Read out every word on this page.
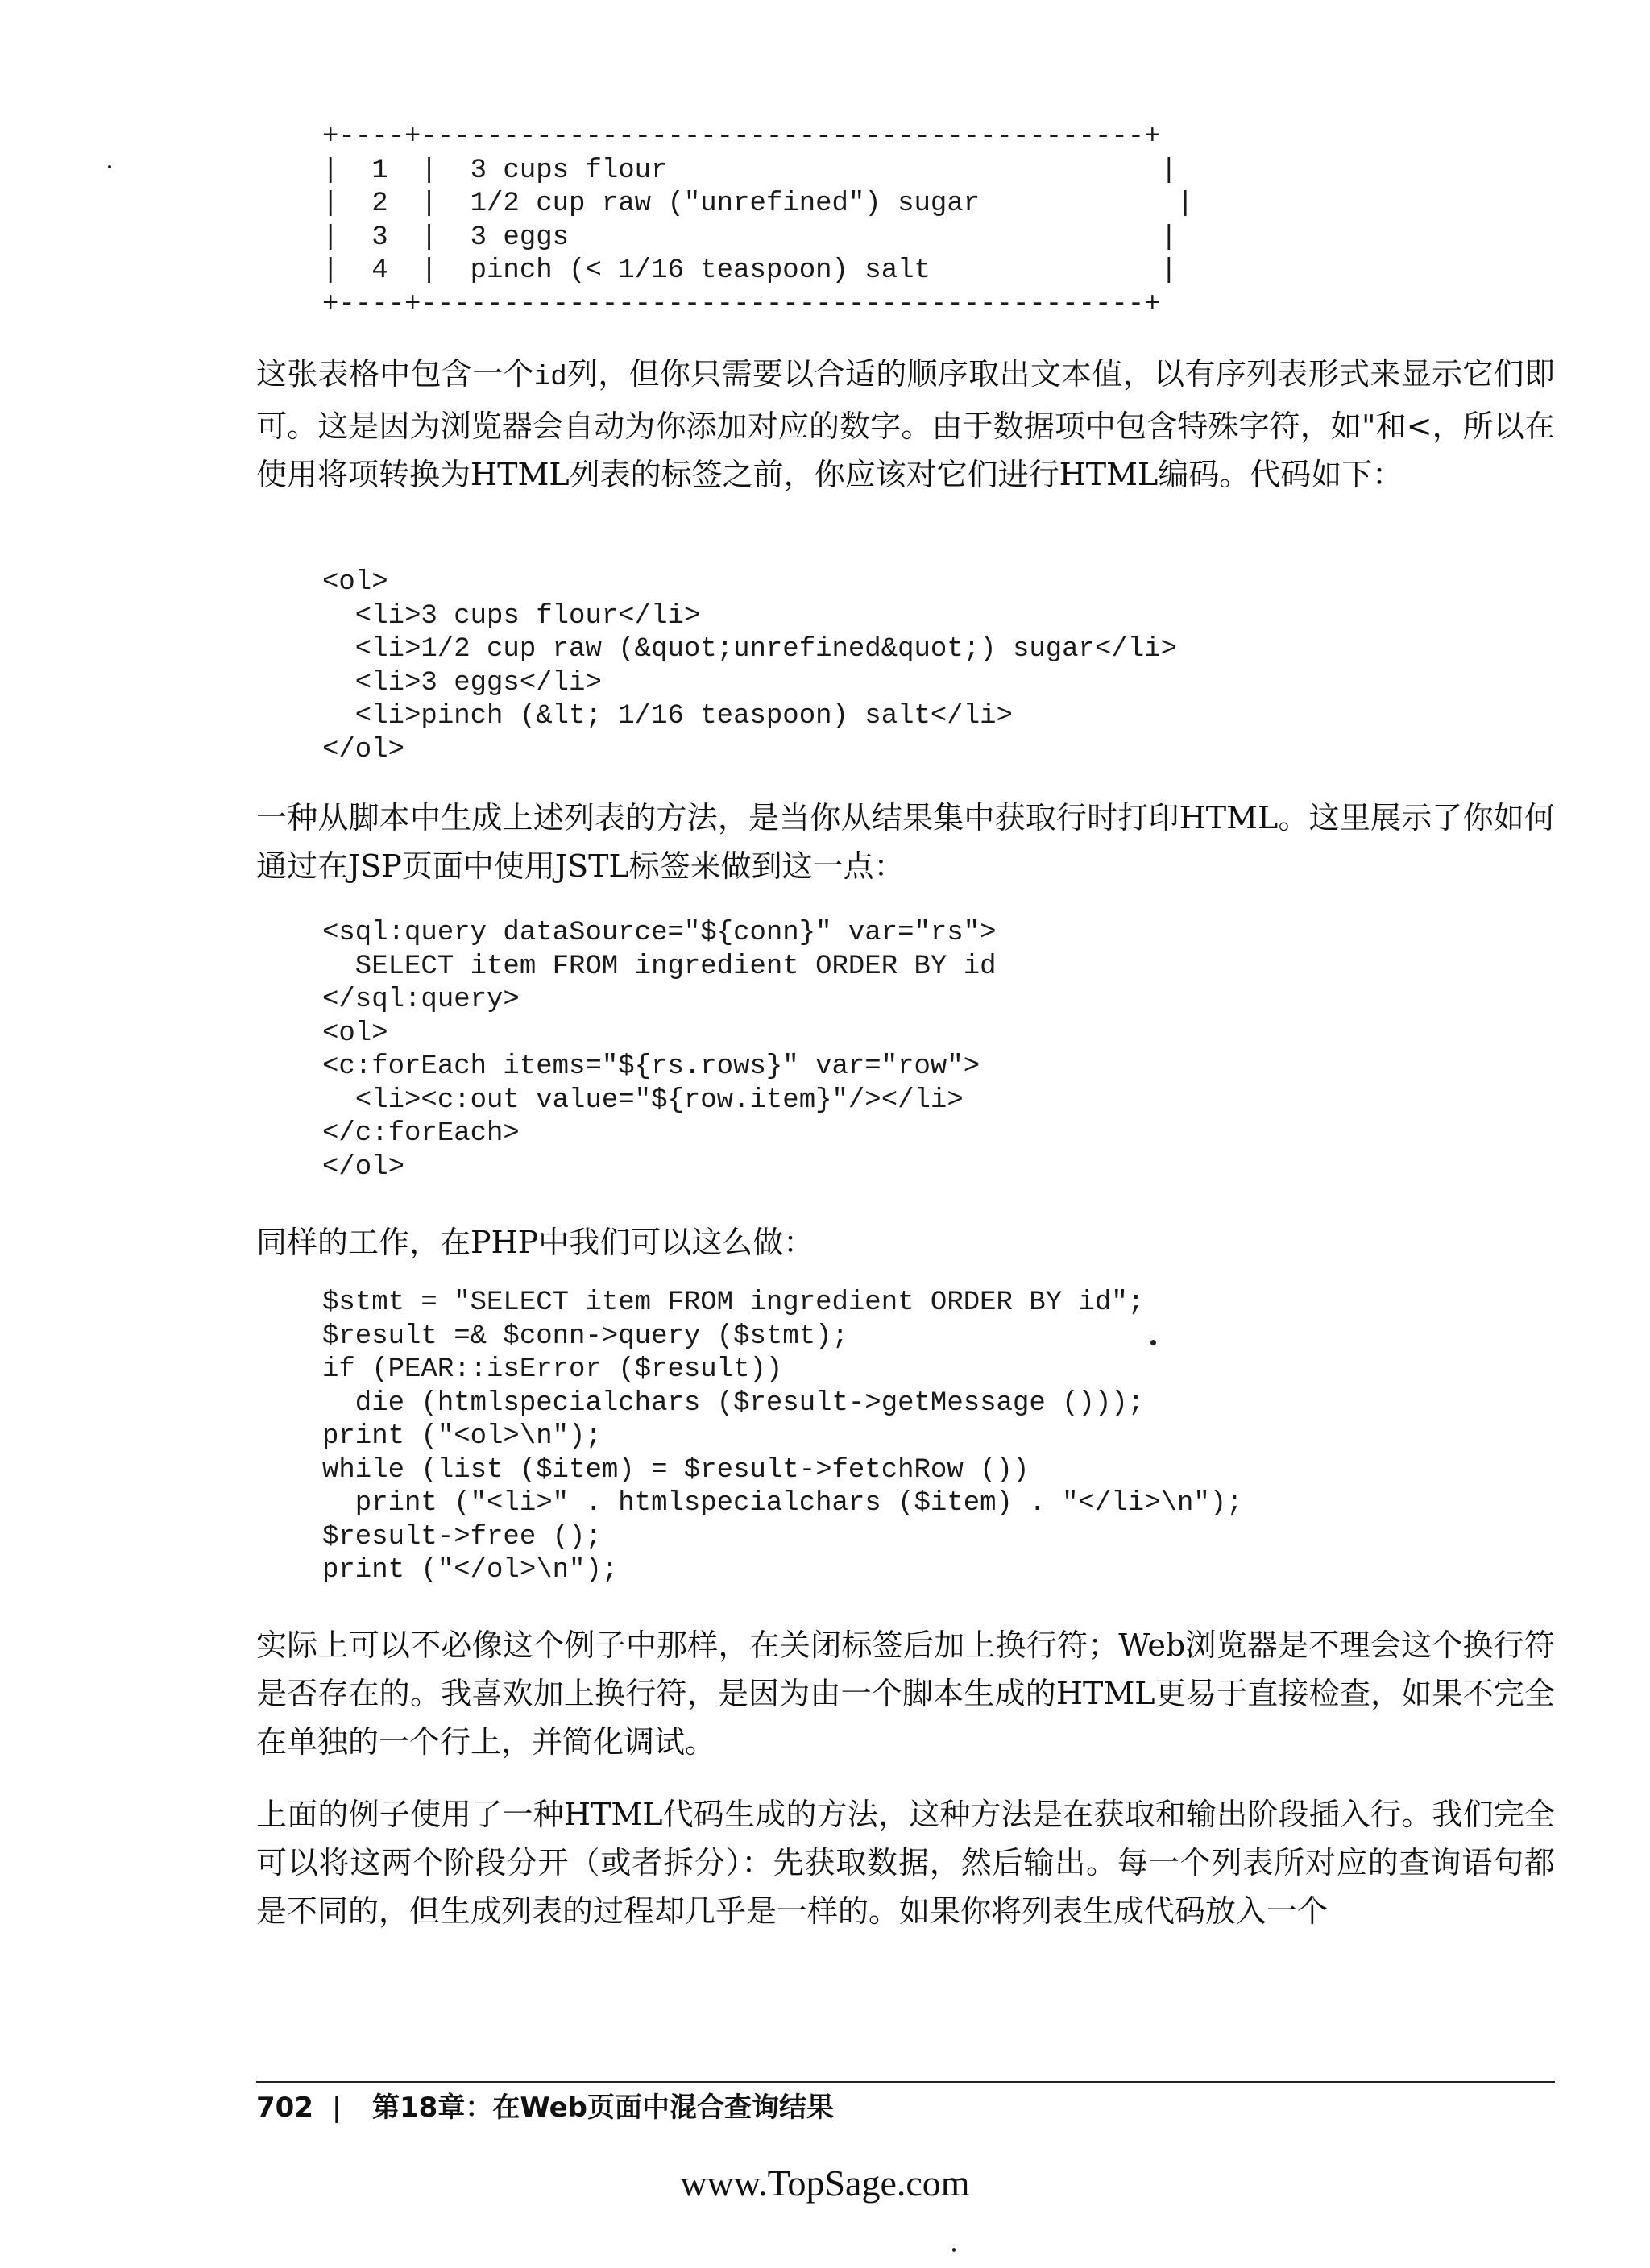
+----+--------------------------------------------+
|  1  |  3 cups flour                              |
|  2  |  1/2 cup raw ("unrefined") sugar            |
|  3  |  3 eggs                                    |
|  4  |  pinch (< 1/16 teaspoon) salt              |
+----+--------------------------------------------+
这张表格中包含一个id列，但你只需要以合适的顺序取出文本值，以有序列表形式来显示它们即可。这是因为浏览器会自动为你添加对应的数字。由于数据项中包含特殊字符，如"和<，所以在使用将项转换为HTML列表的标签之前，你应该对它们进行HTML编码。代码如下：
<ol>
<li>3 cups flour</li>
<li>1/2 cup raw (&quot;unrefined&quot;) sugar</li>
<li>3 eggs</li>
<li>pinch (&lt; 1/16 teaspoon) salt</li>
</ol>
一种从脚本中生成上述列表的方法，是当你从结果集中获取行时打印HTML。这里展示了你如何通过在JSP页面中使用JSTL标签来做到这一点：
<sql:query dataSource="${conn}" var="rs">
SELECT item FROM ingredient ORDER BY id
</sql:query>
<ol>
<c:forEach items="${rs.rows}" var="row">
<li><c:out value="${row.item}"/></li>
</c:forEach>
</ol>
同样的工作，在PHP中我们可以这么做：
$stmt = "SELECT item FROM ingredient ORDER BY id";
$result =& $conn->query ($stmt);
if (PEAR::isError ($result))
die (htmlspecialchars ($result->getMessage ()));
print ("<ol>\n");
while (list ($item) = $result->fetchRow ())
print ("<li>" . htmlspecialchars ($item) . "</li>\n");
$result->free ();
print ("</ol>\n");
实际上可以不必像这个例子中那样，在关闭标签后加上换行符；Web浏览器是不理会这个换行符是否存在的。我喜欢加上换行符，是因为由一个脚本生成的HTML更易于直接检查，如果不完全在单独的一个行上，并简化调试。
上面的例子使用了一种HTML代码生成的方法，这种方法是在获取和输出阶段插入行。我们完全可以将这两个阶段分开（或者拆分）：先获取数据，然后输出。每一个列表所对应的查询语句都是不同的，但生成列表的过程却几乎是一样的。如果你将列表生成代码放入一个
702 | 第18章：在Web页面中混合查询结果
www.TopSage.com
